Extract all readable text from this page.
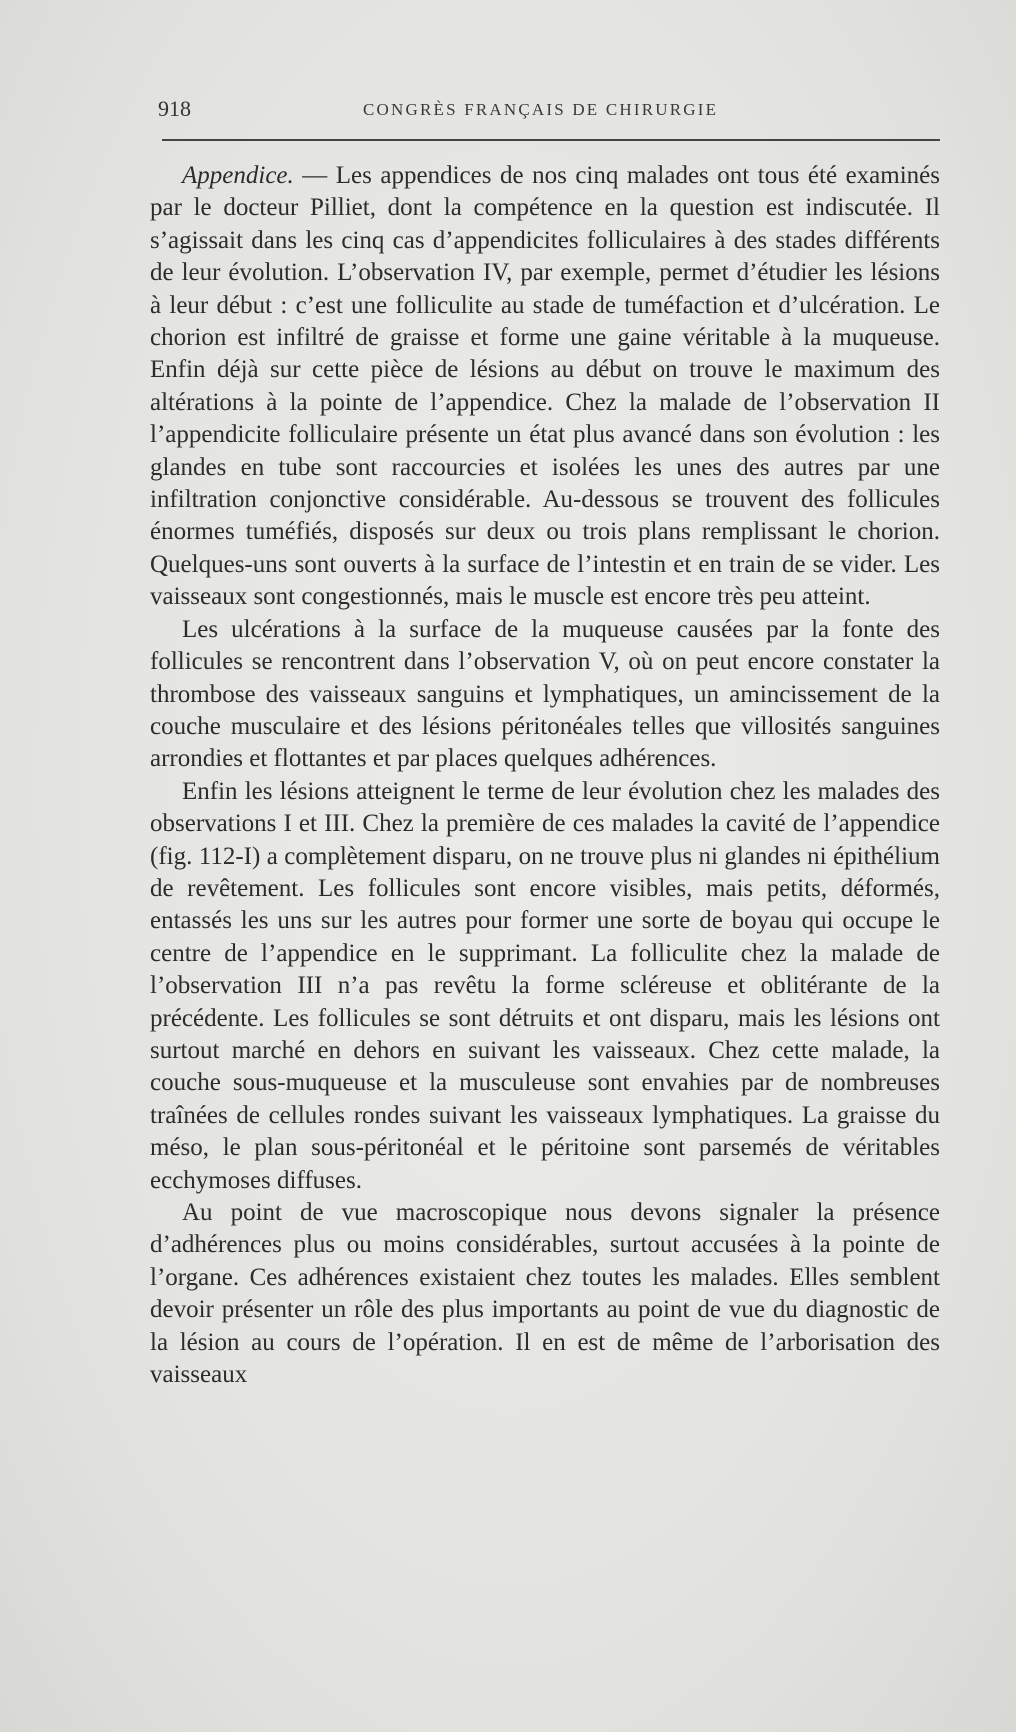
918	CONGRÈS FRANÇAIS DE CHIRURGIE

Appendice. — Les appendices de nos cinq malades ont tous été examinés par le docteur Pilliet, dont la compétence en la question est indiscutée. Il s’agissait dans les cinq cas d’appendicites folliculaires à des stades différents de leur évolution. L’observation IV, par exemple, permet d’étudier les lésions à leur début : c’est une folliculite au stade de tuméfaction et d’ulcération. Le chorion est infiltré de graisse et forme une gaine véritable à la muqueuse. Enfin déjà sur cette pièce de lésions au début on trouve le maximum des altérations à la pointe de l’appendice. Chez la malade de l’observation II l’appendicite folliculaire présente un état plus avancé dans son évolution : les glandes en tube sont raccourcies et isolées les unes des autres par une infiltration conjonctive considérable. Au-dessous se trouvent des follicules énormes tuméfiés, disposés sur deux ou trois plans remplissant le chorion. Quelques-uns sont ouverts à la surface de l’intestin et en train de se vider. Les vaisseaux sont congestionnés, mais le muscle est encore très peu atteint.

Les ulcérations à la surface de la muqueuse causées par la fonte des follicules se rencontrent dans l’observation V, où on peut encore constater la thrombose des vaisseaux sanguins et lymphatiques, un amincissement de la couche musculaire et des lésions péritonéales telles que villosités sanguines arrondies et flottantes et par places quelques adhérences.

Enfin les lésions atteignent le terme de leur évolution chez les malades des observations I et III. Chez la première de ces malades la cavité de l’appendice (fig. 112-I) a complètement disparu, on ne trouve plus ni glandes ni épithélium de revêtement. Les follicules sont encore visibles, mais petits, déformés, entassés les uns sur les autres pour former une sorte de boyau qui occupe le centre de l’appendice en le supprimant. La folliculite chez la malade de l’observation III n’a pas revêtu la forme scléreuse et oblitérante de la précédente. Les follicules se sont détruits et ont disparu, mais les lésions ont surtout marché en dehors en suivant les vaisseaux. Chez cette malade, la couche sous-muqueuse et la musculeuse sont envahies par de nombreuses traînées de cellules rondes suivant les vaisseaux lymphatiques. La graisse du méso, le plan sous-péritonéal et le péritoine sont parsemés de véritables ecchymoses diffuses.

Au point de vue macroscopique nous devons signaler la présence d’adhérences plus ou moins considérables, surtout accusées à la pointe de l’organe. Ces adhérences existaient chez toutes les malades. Elles semblent devoir présenter un rôle des plus importants au point de vue du diagnostic de la lésion au cours de l’opération. Il en est de même de l’arborisation des vaisseaux
